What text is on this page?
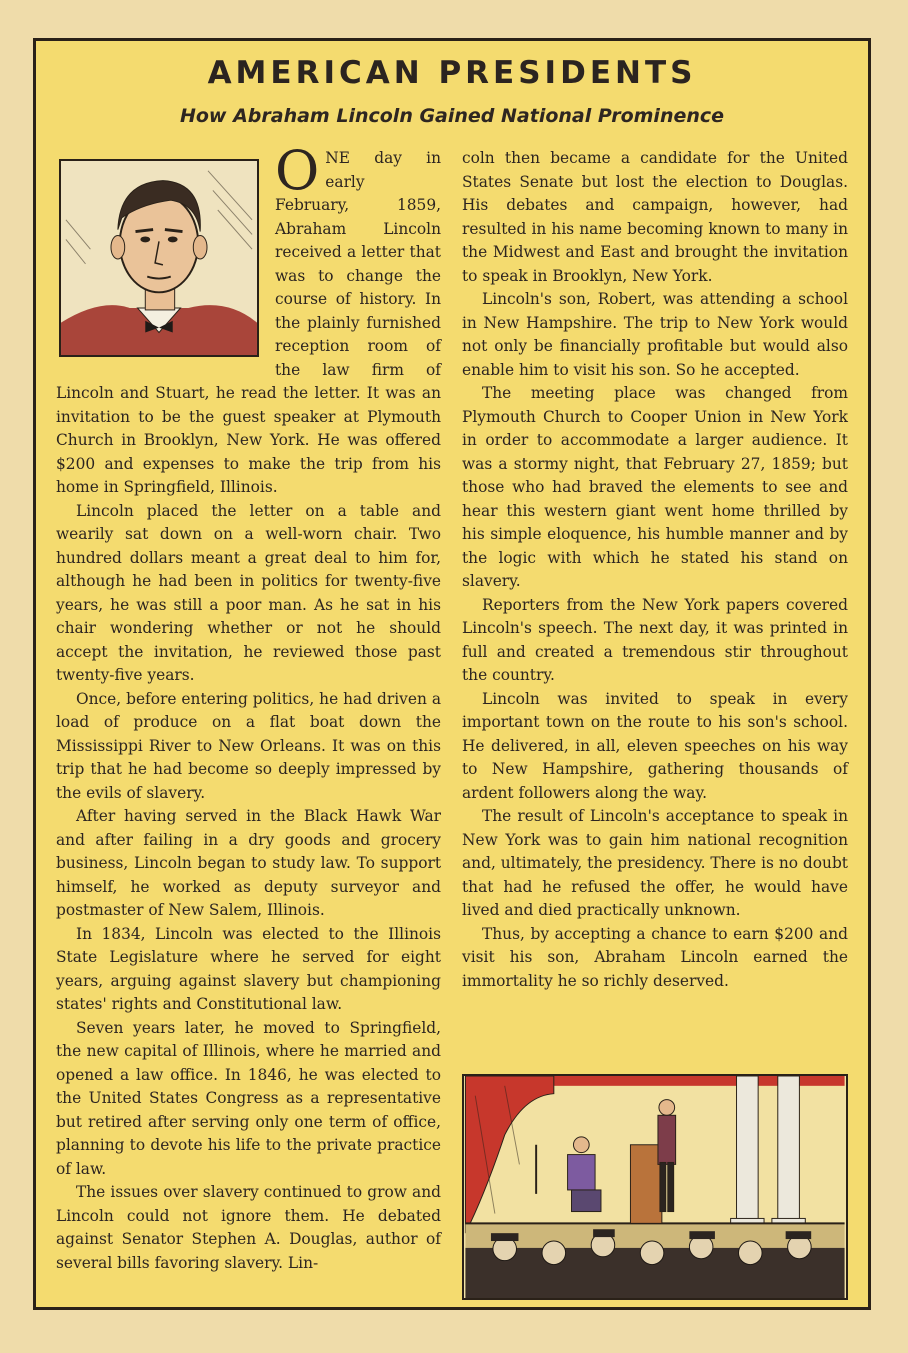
AMERICAN PRESIDENTS
How Abraham Lincoln Gained National Prominence
O NE day in early February, 1859, Abraham Lincoln received a letter that was to change the course of history. In the plainly furnished reception room of the law firm of Lincoln and Stuart, he read the letter. It was an invitation to be the guest speaker at Plymouth Church in Brooklyn, New York. He was offered $200 and expenses to make the trip from his home in Springfield, Illinois.

Lincoln placed the letter on a table and wearily sat down on a well-worn chair. Two hundred dollars meant a great deal to him for, although he had been in politics for twenty-five years, he was still a poor man. As he sat in his chair wondering whether or not he should accept the invitation, he reviewed those past twenty-five years.

Once, before entering politics, he had driven a load of produce on a flat boat down the Mississippi River to New Orleans. It was on this trip that he had become so deeply impressed by the evils of slavery.

After having served in the Black Hawk War and after failing in a dry goods and grocery business, Lincoln began to study law. To support himself, he worked as deputy surveyor and postmaster of New Salem, Illinois.

In 1834, Lincoln was elected to the Illinois State Legislature where he served for eight years, arguing against slavery but championing states' rights and Constitutional law.

Seven years later, he moved to Springfield, the new capital of Illinois, where he married and opened a law office. In 1846, he was elected to the United States Congress as a representative but retired after serving only one term of office, planning to devote his life to the private practice of law.

The issues over slavery continued to grow and Lincoln could not ignore them. He debated against Senator Stephen A. Douglas, author of several bills favoring slavery. Lin-

coln then became a candidate for the United States Senate but lost the election to Douglas. His debates and campaign, however, had resulted in his name becoming known to many in the Midwest and East and brought the invitation to speak in Brooklyn, New York.

Lincoln's son, Robert, was attending a school in New Hampshire. The trip to New York would not only be financially profitable but would also enable him to visit his son. So he accepted.

The meeting place was changed from Plymouth Church to Cooper Union in New York in order to accommodate a larger audience. It was a stormy night, that February 27, 1859; but those who had braved the elements to see and hear this western giant went home thrilled by his simple eloquence, his humble manner and by the logic with which he stated his stand on slavery.

Reporters from the New York papers covered Lincoln's speech. The next day, it was printed in full and created a tremendous stir throughout the country.

Lincoln was invited to speak in every important town on the route to his son's school. He delivered, in all, eleven speeches on his way to New Hampshire, gathering thousands of ardent followers along the way.

The result of Lincoln's acceptance to speak in New York was to gain him national recognition and, ultimately, the presidency. There is no doubt that had he refused the offer, he would have lived and died practically unknown.

Thus, by accepting a chance to earn $200 and visit his son, Abraham Lincoln earned the immortality he so richly deserved.
